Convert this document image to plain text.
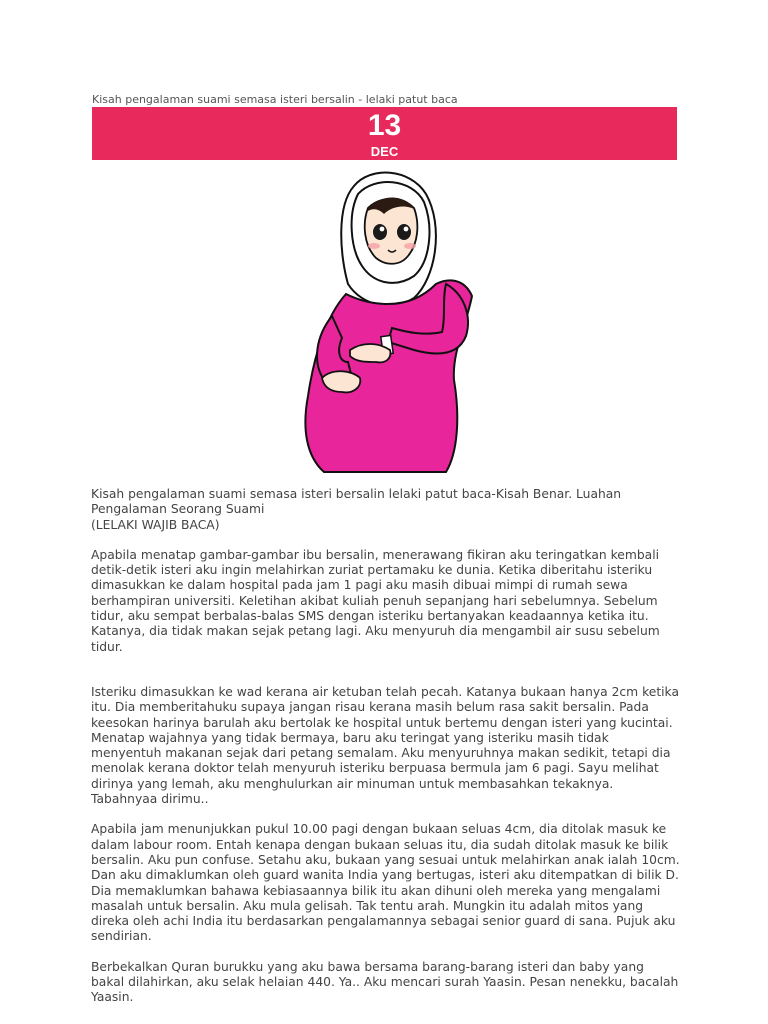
Kisah pengalaman suami semasa isteri bersalin - lelaki patut baca
13
DEC

Kisah pengalaman suami semasa isteri bersalin lelaki patut baca-Kisah Benar. Luahan Pengalaman Seorang Suami

(LELAKI WAJIB BACA)

Apabila menatap gambar-gambar ibu bersalin, menerawang fikiran aku teringatkan kembali detik-detik isteri aku ingin melahirkan zuriat pertamaku ke dunia. Ketika diberitahu isteriku dimasukkan ke dalam hospital pada jam 1 pagi aku masih dibuai mimpi di rumah sewa berhampiran universiti. Keletihan akibat kuliah penuh sepanjang hari sebelumnya. Sebelum tidur, aku sempat berbalas-balas SMS dengan isteriku bertanyakan keadaannya ketika itu. Katanya, dia tidak makan sejak petang lagi. Aku menyuruh dia mengambil air susu sebelum tidur.

Isteriku dimasukkan ke wad kerana air ketuban telah pecah. Katanya bukaan hanya 2cm ketika itu. Dia memberitahuku supaya jangan risau kerana masih belum rasa sakit bersalin. Pada keesokan harinya barulah aku bertolak ke hospital untuk bertemu dengan isteri yang kucintai. Menatap wajahnya yang tidak bermaya, baru aku teringat yang isteriku masih tidak menyentuh makanan sejak dari petang semalam. Aku menyuruhnya makan sedikit, tetapi dia menolak kerana doktor telah menyuruh isteriku berpuasa bermula jam 6 pagi. Sayu melihat dirinya yang lemah, aku menghulurkan air minuman untuk membasahkan tekaknya. Tabahnyaa dirimu..

Apabila jam menunjukkan pukul 10.00 pagi dengan bukaan seluas 4cm, dia ditolak masuk ke dalam labour room. Entah kenapa dengan bukaan seluas itu, dia sudah ditolak masuk ke bilik bersalin. Aku pun confuse. Setahu aku, bukaan yang sesuai untuk melahirkan anak ialah 10cm. Dan aku dimaklumkan oleh guard wanita India yang bertugas, isteri aku ditempatkan di bilik D. Dia memaklumkan bahawa kebiasaannya bilik itu akan dihuni oleh mereka yang mengalami masalah untuk bersalin. Aku mula gelisah. Tak tentu arah. Mungkin itu adalah mitos yang direka oleh achi India itu berdasarkan pengalamannya sebagai senior guard di sana. Pujuk aku sendirian.

Berbekalkan Quran burukku yang aku bawa bersama barang-barang isteri dan baby yang bakal dilahirkan, aku selak helaian 440. Ya.. Aku mencari surah Yaasin. Pesan nenekku, bacalah Yaasin.
